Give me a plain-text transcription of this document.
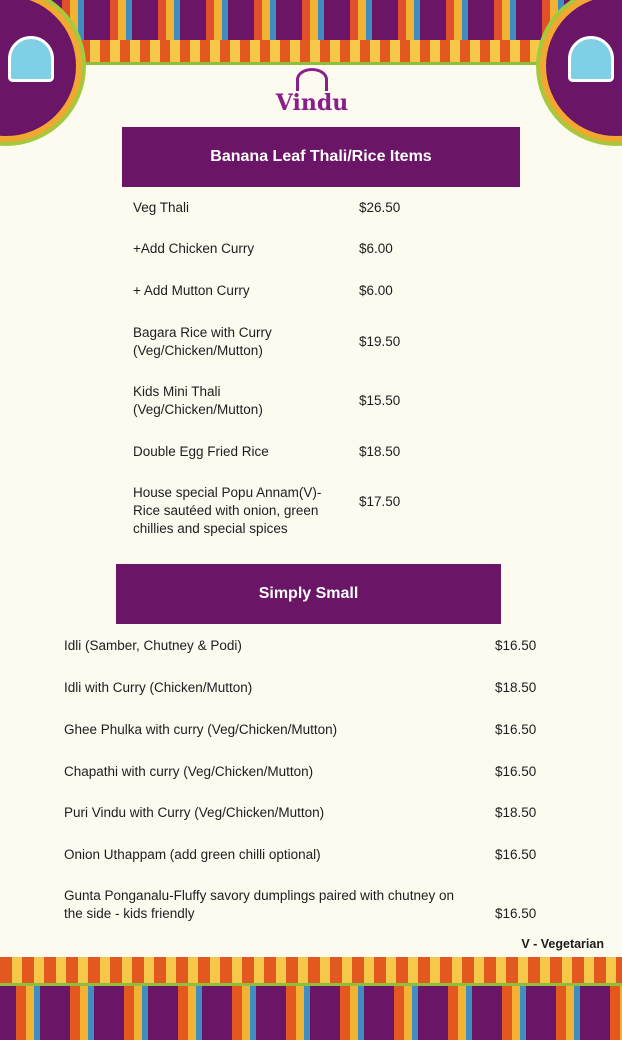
Vindu
Banana Leaf Thali/Rice Items
Veg Thali	$26.50
+Add Chicken Curry	$6.00
+ Add Mutton Curry	$6.00
Bagara Rice with Curry
(Veg/Chicken/Mutton)
$19.50
Kids Mini Thali
(Veg/Chicken/Mutton)
$15.50
Double Egg Fried Rice	$18.50
House special Popu Annam(V)-
Rice sautéed with onion, green
chillies and special spices
$17.50
Simply Small
Idli (Samber, Chutney & Podi)	$16.50
Idli with Curry (Chicken/Mutton)	$18.50
Ghee Phulka with curry (Veg/Chicken/Mutton)	$16.50
Chapathi with curry (Veg/Chicken/Mutton)	$16.50
Puri Vindu with Curry (Veg/Chicken/Mutton)	$18.50
Onion Uthappam (add green chilli optional)	$16.50
Gunta Ponganalu-Fluffy savory dumplings paired with chutney on
the side - kids friendly	$16.50
V - Vegetarian
